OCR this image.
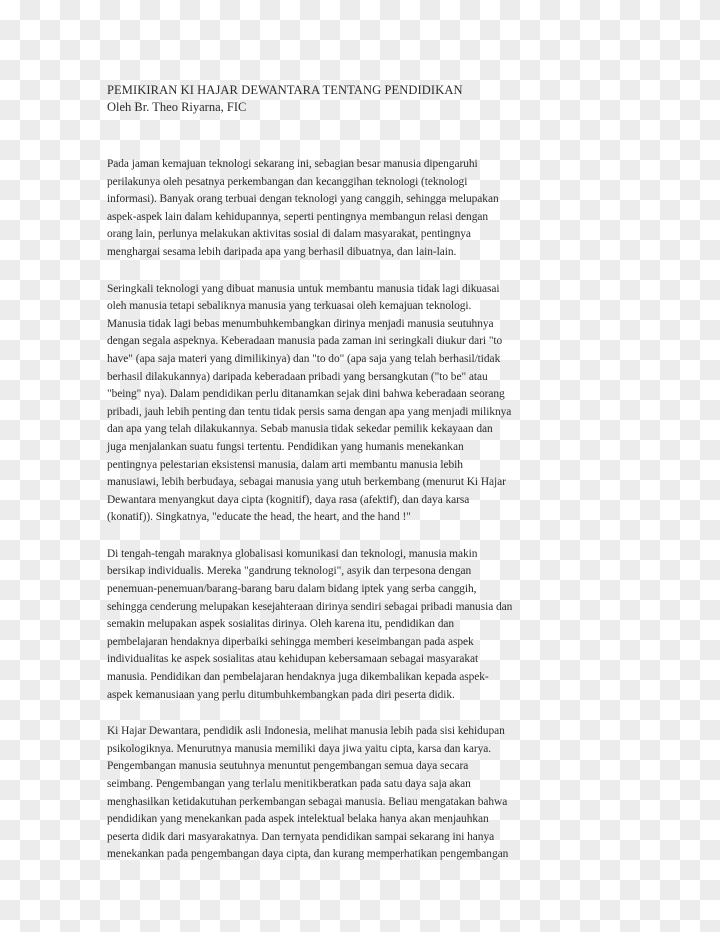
PEMIKIRAN KI HAJAR DEWANTARA TENTANG PENDIDIKAN
Oleh Br. Theo Riyarna, FIC
Pada jaman kemajuan teknologi sekarang ini, sebagian besar manusia dipengaruhi
perilakunya oleh pesatnya perkembangan dan kecanggihan teknologi (teknologi
informasi). Banyak orang terbuai dengan teknologi yang canggih, sehingga melupakan
aspek-aspek lain dalam kehidupannya, seperti pentingnya membangun relasi dengan
orang lain, perlunya melakukan aktivitas sosial di dalam masyarakat, pentingnya
menghargai sesama lebih daripada apa yang berhasil dibuatnya, dan lain-lain.
Seringkali teknologi yang dibuat manusia untuk membantu manusia tidak lagi dikuasai
oleh manusia tetapi sebaliknya manusia yang terkuasai oleh kemajuan teknologi.
Manusia tidak lagi bebas menumbuhkembangkan dirinya menjadi manusia seutuhnya
dengan segala aspeknya. Keberadaan manusia pada zaman ini seringkali diukur dari "to
have" (apa saja materi yang dimilikinya) dan "to do" (apa saja yang telah berhasil/tidak
berhasil dilakukannya) daripada keberadaan pribadi yang bersangkutan ("to be" atau
"being" nya). Dalam pendidikan perlu ditanamkan sejak dini bahwa keberadaan seorang
pribadi, jauh lebih penting dan tentu tidak persis sama dengan apa yang menjadi miliknya
dan apa yang telah dilakukannya. Sebab manusia tidak sekedar pemilik kekayaan dan
juga menjalankan suatu fungsi tertentu. Pendidikan yang humanis menekankan
pentingnya pelestarian eksistensi manusia, dalam arti membantu manusia lebih
manusiawi, lebih berbudaya, sebagai manusia yang utuh berkembang (menurut Ki Hajar
Dewantara menyangkut daya cipta (kognitif), daya rasa (afektif), dan daya karsa
(konatif)). Singkatnya, "educate the head, the heart, and the hand !"
Di tengah-tengah maraknya globalisasi komunikasi dan teknologi, manusia makin
bersikap individualis. Mereka "gandrung teknologi", asyik dan terpesona dengan
penemuan-penemuan/barang-barang baru dalam bidang iptek yang serba canggih,
sehingga cenderung melupakan kesejahteraan dirinya sendiri sebagai pribadi manusia dan
semakin melupakan aspek sosialitas dirinya. Oleh karena itu, pendidikan dan
pembelajaran hendaknya diperbaiki sehingga memberi keseimbangan pada aspek
individualitas ke aspek sosialitas atau kehidupan kebersamaan sebagai masyarakat
manusia. Pendidikan dan pembelajaran hendaknya juga dikembalikan kepada aspek-
aspek kemanusiaan yang perlu ditumbuhkembangkan pada diri peserta didik.
Ki Hajar Dewantara, pendidik asli Indonesia, melihat manusia lebih pada sisi kehidupan
psikologiknya. Menurutnya manusia memiliki daya jiwa yaitu cipta, karsa dan karya.
Pengembangan manusia seutuhnya menuntut pengembangan semua daya secara
seimbang. Pengembangan yang terlalu menitikberatkan pada satu daya saja akan
menghasilkan ketidakutuhan perkembangan sebagai manusia. Beliau mengatakan bahwa
pendidikan yang menekankan pada aspek intelektual belaka hanya akan menjauhkan
peserta didik dari masyarakatnya. Dan ternyata pendidikan sampai sekarang ini hanya
menekankan pada pengembangan daya cipta, dan kurang memperhatikan pengembangan
